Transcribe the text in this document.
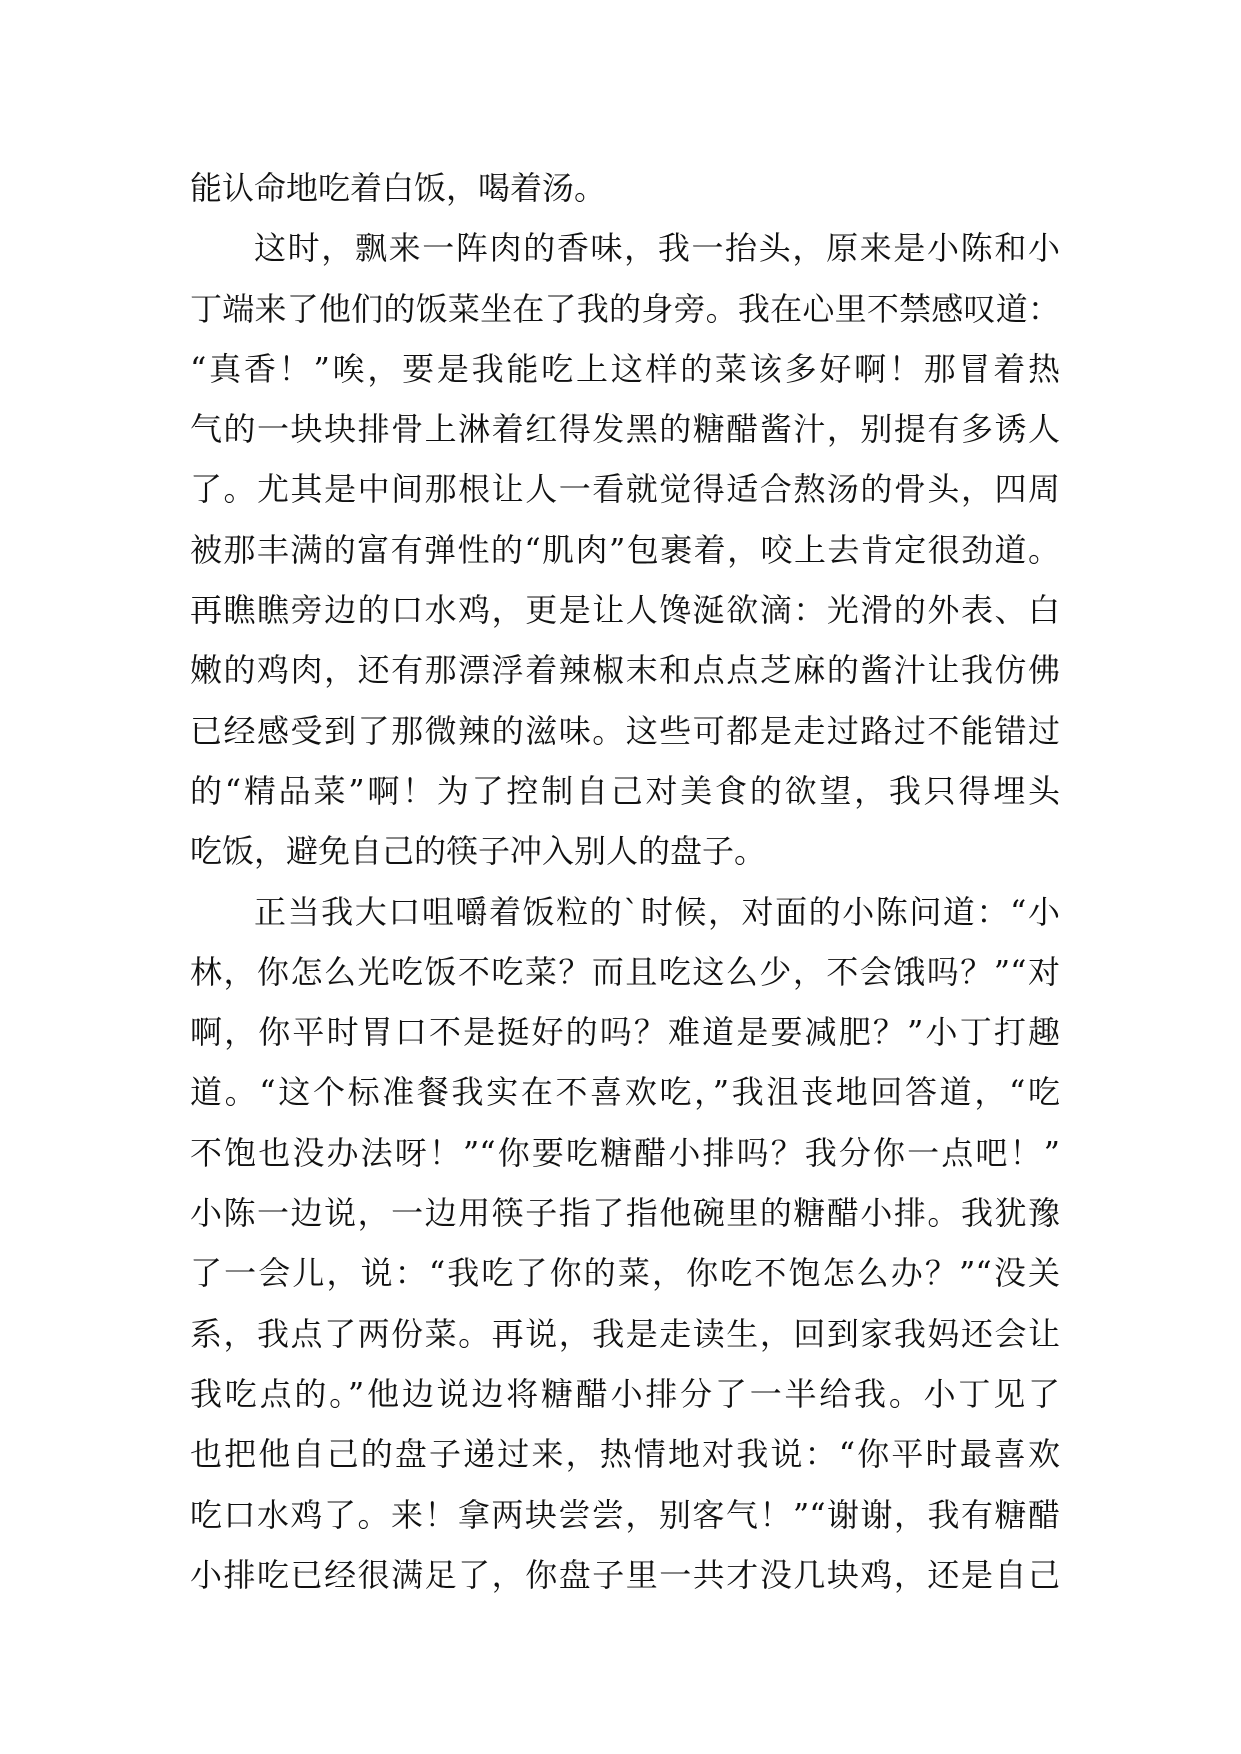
能认命地吃着白饭，喝着汤。
这时，飘来一阵肉的香味，我一抬头，原来是小陈和小
丁端来了他们的饭菜坐在了我的身旁。我在心里不禁感叹道：
“真香！”唉，要是我能吃上这样的菜该多好啊！那冒着热
气的一块块排骨上淋着红得发黑的糖醋酱汁，别提有多诱人
了。尤其是中间那根让人一看就觉得适合熬汤的骨头，四周
被那丰满的富有弹性的“肌肉”包裹着，咬上去肯定很劲道。
再瞧瞧旁边的口水鸡，更是让人馋涎欲滴：光滑的外表、白
嫩的鸡肉，还有那漂浮着辣椒末和点点芝麻的酱汁让我仿佛
已经感受到了那微辣的滋味。这些可都是走过路过不能错过
的“精品菜”啊！为了控制自己对美食的欲望，我只得埋头
吃饭，避免自己的筷子冲入别人的盘子。
正当我大口咀嚼着饭粒的`时候，对面的小陈问道：“小
林，你怎么光吃饭不吃菜？而且吃这么少，不会饿吗？”“对
啊，你平时胃口不是挺好的吗？难道是要减肥？”小丁打趣
道。“这个标准餐我实在不喜欢吃，”我沮丧地回答道，“吃
不饱也没办法呀！”“你要吃糖醋小排吗？我分你一点吧！”
小陈一边说，一边用筷子指了指他碗里的糖醋小排。我犹豫
了一会儿，说：“我吃了你的菜，你吃不饱怎么办？”“没关
系，我点了两份菜。再说，我是走读生，回到家我妈还会让
我吃点的。”他边说边将糖醋小排分了一半给我。小丁见了
也把他自己的盘子递过来，热情地对我说：“你平时最喜欢
吃口水鸡了。来！拿两块尝尝，别客气！”“谢谢，我有糖醋
小排吃已经很满足了，你盘子里一共才没几块鸡，还是自己
